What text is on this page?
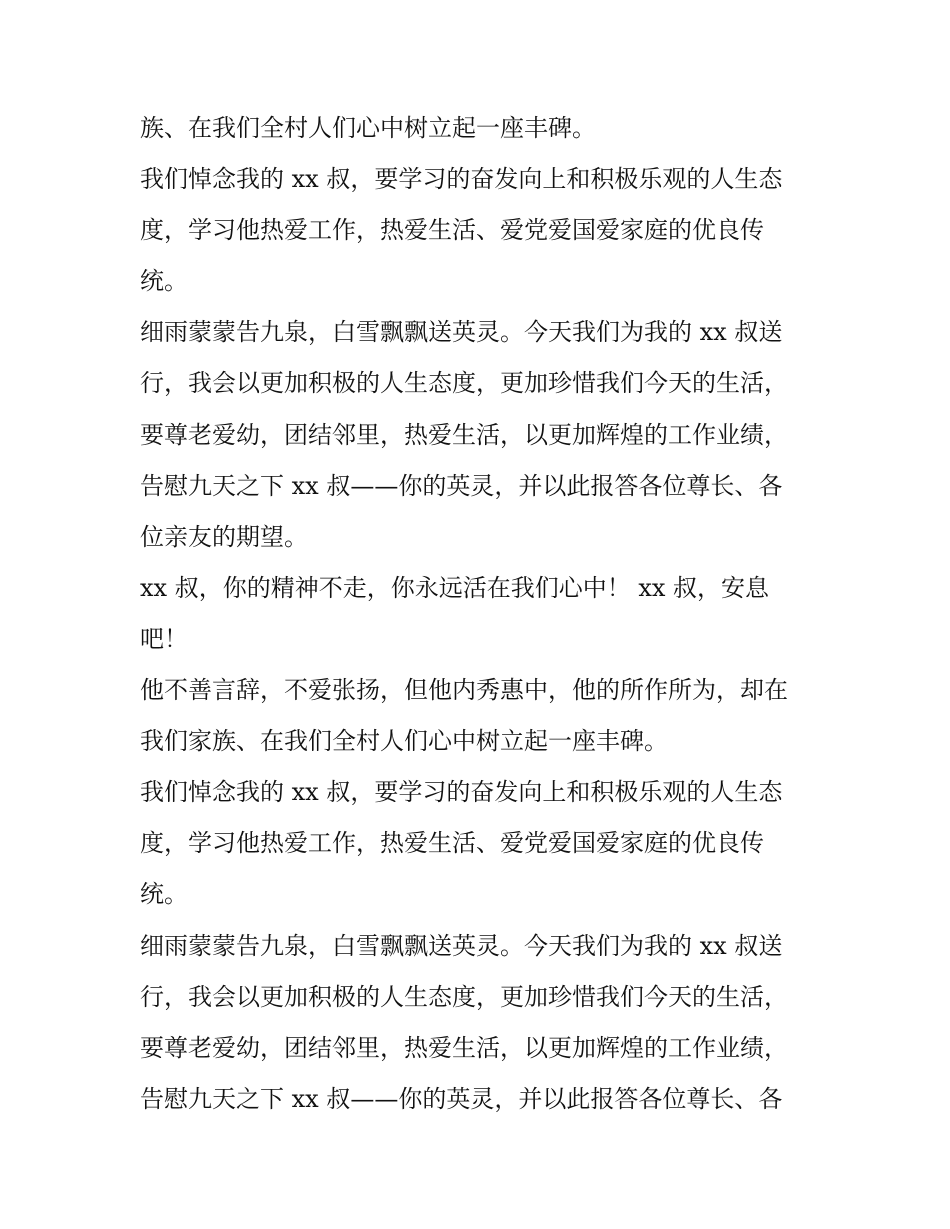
族、在我们全村人们心中树立起一座丰碑。
我们悼念我的 xx 叔，要学习的奋发向上和积极乐观的人生态
度，学习他热爱工作，热爱生活、爱党爱国爱家庭的优良传
统。
细雨蒙蒙告九泉，白雪飘飘送英灵。今天我们为我的 xx 叔送
行，我会以更加积极的人生态度，更加珍惜我们今天的生活，
要尊老爱幼，团结邻里，热爱生活，以更加辉煌的工作业绩，
告慰九天之下 xx 叔——你的英灵，并以此报答各位尊长、各
位亲友的期望。
xx 叔，你的精神不走，你永远活在我们心中！ xx 叔，安息
吧！
他不善言辞，不爱张扬，但他内秀惠中，他的所作所为，却在
我们家族、在我们全村人们心中树立起一座丰碑。
我们悼念我的 xx 叔，要学习的奋发向上和积极乐观的人生态
度，学习他热爱工作，热爱生活、爱党爱国爱家庭的优良传
统。
细雨蒙蒙告九泉，白雪飘飘送英灵。今天我们为我的 xx 叔送
行，我会以更加积极的人生态度，更加珍惜我们今天的生活，
要尊老爱幼，团结邻里，热爱生活，以更加辉煌的工作业绩，
告慰九天之下 xx 叔——你的英灵，并以此报答各位尊长、各
